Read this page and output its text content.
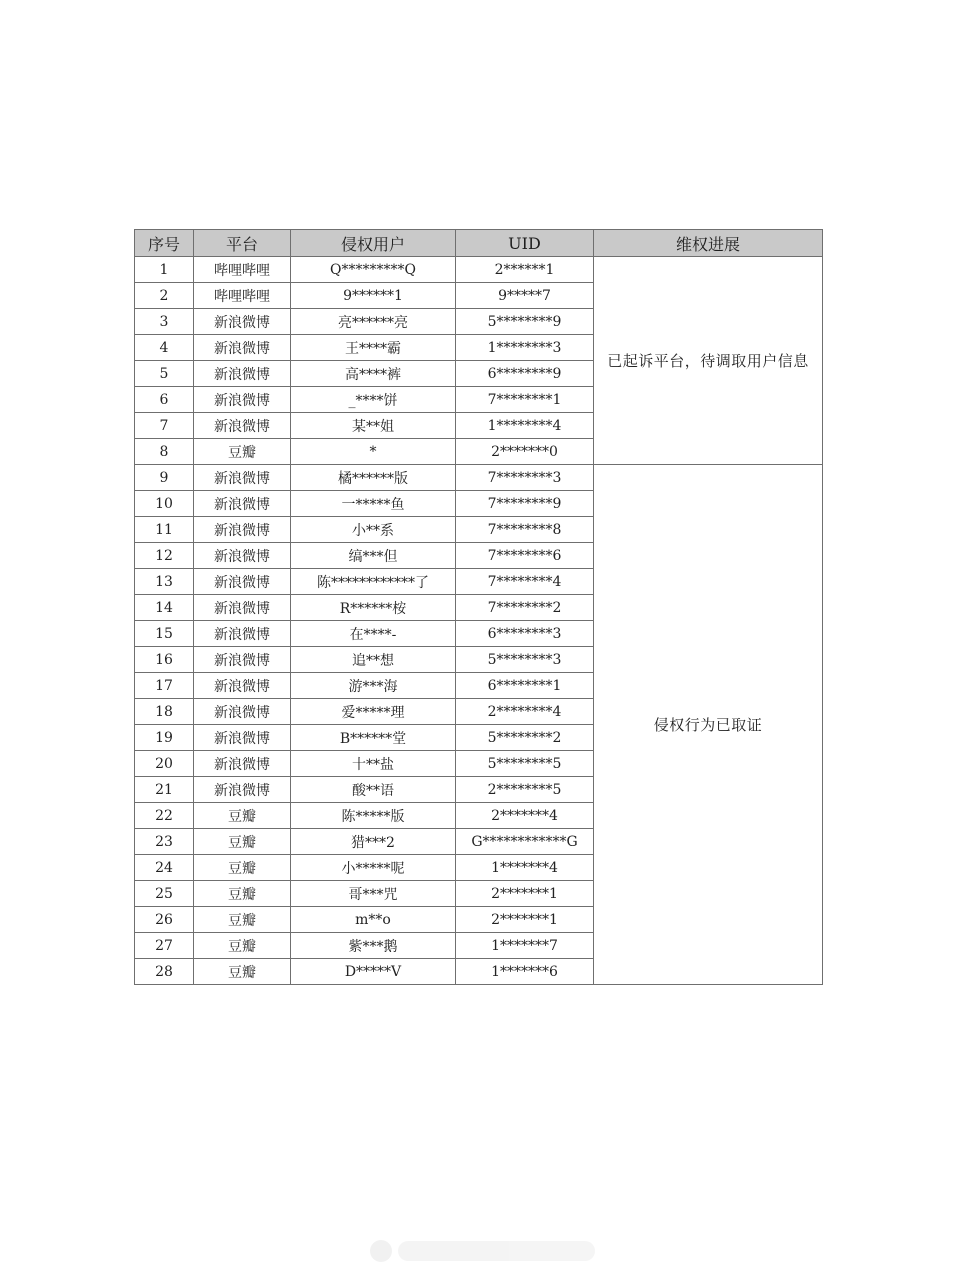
序号	平台	侵权用户	UID	维权进展
1	哔哩哔哩	Q*********Q	2******1	已起诉平台，待调取用户信息
2	哔哩哔哩	9******1	9*****7	
3	新浪微博	亮******亮	5********9	
4	新浪微博	王****霸	1********3	
5	新浪微博	高****裤	6********9	
6	新浪微博	_****饼	7********1	
7	新浪微博	某**姐	1********4	
8	豆瓣	*	2*******0	
9	新浪微博	橘******版	7********3	侵权行为已取证
10	新浪微博	一*****鱼	7********9	
11	新浪微博	小**系	7********8	
12	新浪微博	缟***但	7********6	
13	新浪微博	陈************了	7********4	
14	新浪微博	R******桉	7********2	
15	新浪微博	在****-	6********3	
16	新浪微博	追**想	5********3	
17	新浪微博	游***海	6********1	
18	新浪微博	爱*****理	2********4	
19	新浪微博	B******堂	5********2	
20	新浪微博	十**盐	5********5	
21	新浪微博	酸**语	2********5	
22	豆瓣	陈*****版	2*******4	
23	豆瓣	猎***2	G************G	
24	豆瓣	小*****呢	1*******4	
25	豆瓣	哥***咒	2*******1	
26	豆瓣	m**o	2*******1	
27	豆瓣	紫***鹅	1*******7	
28	豆瓣	D*****V	1*******6	
